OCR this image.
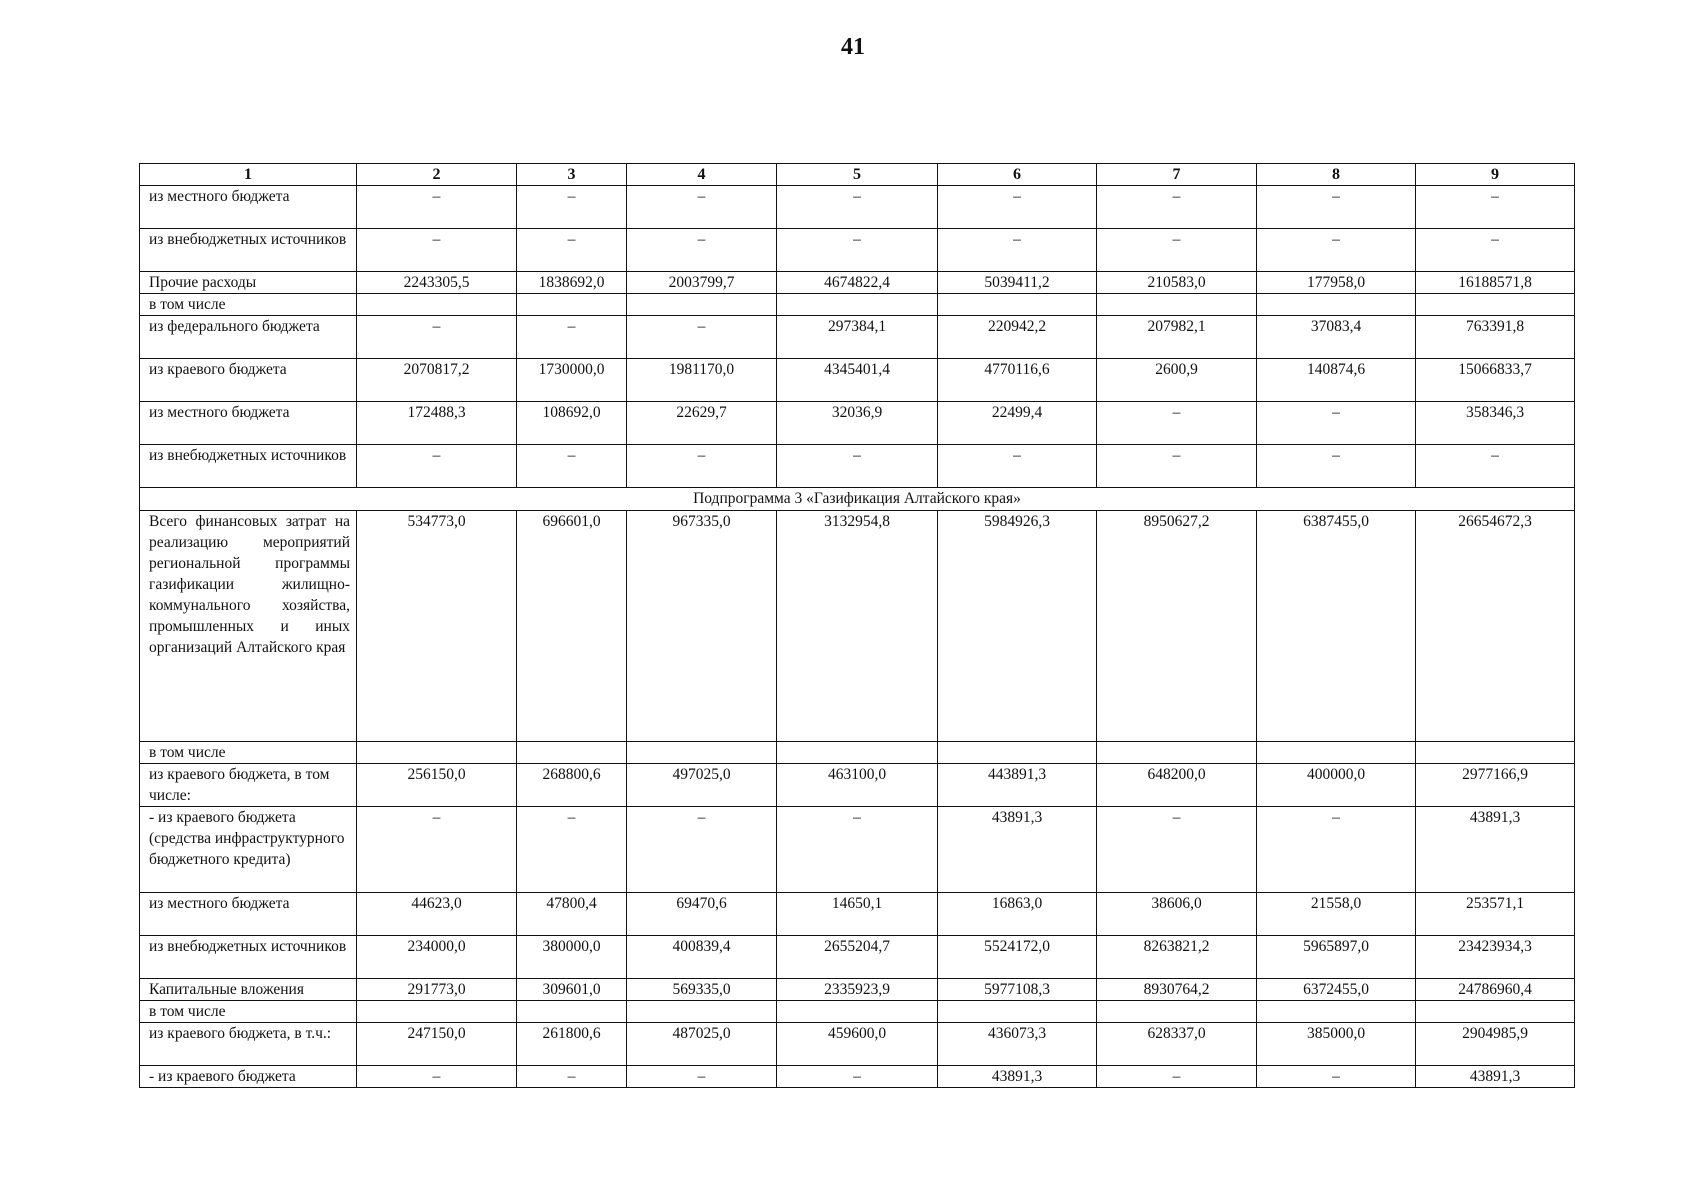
41
1	2	3	4	5	6	7	8	9
из местного бюджета	–	–	–	–	–	–	–	–
из внебюджетных источников	–	–	–	–	–	–	–	–
Прочие расходы	2243305,5	1838692,0	2003799,7	4674822,4	5039411,2	210583,0	177958,0	16188571,8
в том числе								
из федерального бюджета	–	–	–	297384,1	220942,2	207982,1	37083,4	763391,8
из краевого бюджета	2070817,2	1730000,0	1981170,0	4345401,4	4770116,6	2600,9	140874,6	15066833,7
из местного бюджета	172488,3	108692,0	22629,7	32036,9	22499,4	–	–	358346,3
из внебюджетных источников	–	–	–	–	–	–	–	–
Подпрограмма 3 «Газификация Алтайского края»								
Всего финансовых затрат на реализацию мероприятий региональной программы газификации жилищно-коммунального хозяйства, промышленных и иных организаций Алтайского края	534773,0	696601,0	967335,0	3132954,8	5984926,3	8950627,2	6387455,0	26654672,3
в том числе								
из краевого бюджета, в том числе:	256150,0	268800,6	497025,0	463100,0	443891,3	648200,0	400000,0	2977166,9
- из краевого бюджета (средства инфраструктурного бюджетного кредита)	–	–	–	–	43891,3	–	–	43891,3
из местного бюджета	44623,0	47800,4	69470,6	14650,1	16863,0	38606,0	21558,0	253571,1
из внебюджетных источников	234000,0	380000,0	400839,4	2655204,7	5524172,0	8263821,2	5965897,0	23423934,3
Капитальные вложения	291773,0	309601,0	569335,0	2335923,9	5977108,3	8930764,2	6372455,0	24786960,4
в том числе								
из краевого бюджета, в т.ч.:	247150,0	261800,6	487025,0	459600,0	436073,3	628337,0	385000,0	2904985,9
- из краевого бюджета	–	–	–	–	43891,3	–	–	43891,3
